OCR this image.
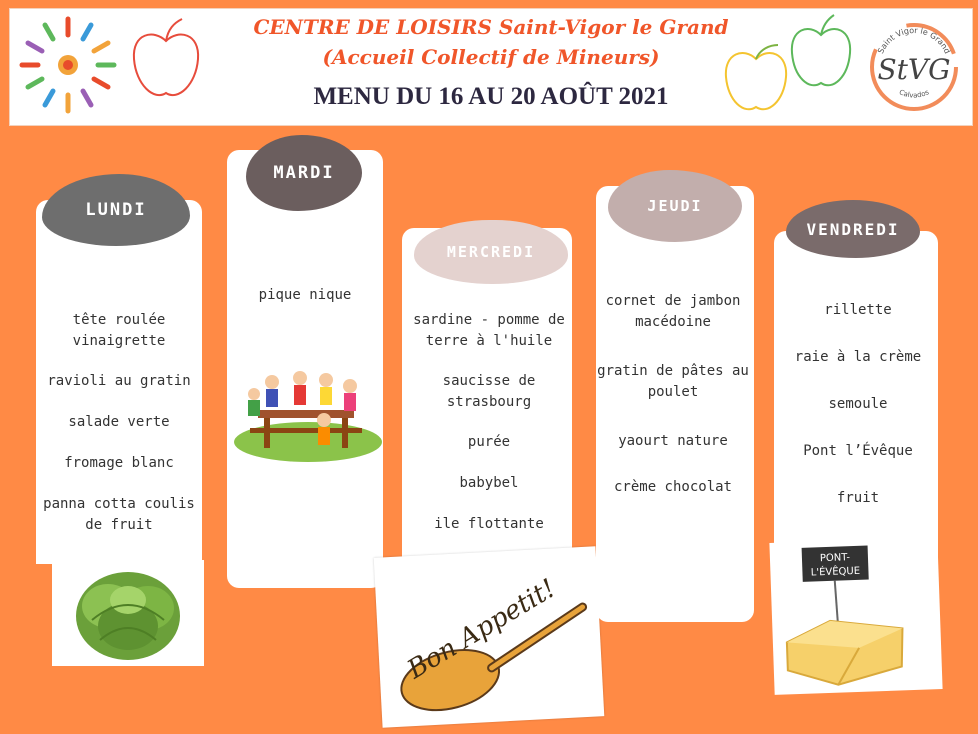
CENTRE DE LOISIRS Saint-Vigor le Grand
(Accueil Collectif de Mineurs)
MENU DU 16 AU 20 AOÛT 2021
Saint Vigor le Grand
Calvados
StVG
LUNDI
tête roulée vinaigrette
ravioli au gratin
salade verte
fromage blanc
panna cotta coulis de fruit
MARDI
pique nique
MERCREDI
sardine - pomme de terre à l'huile
saucisse de strasbourg
purée
babybel
ile flottante
Bon Appetit!
JEUDI
cornet de jambon macédoine
gratin de pâtes au poulet
yaourt nature
crème chocolat
VENDREDI
rillette
raie à la crème
semoule
Pont l’Évêque
fruit
PONT-
L'ÉVÊQUE
